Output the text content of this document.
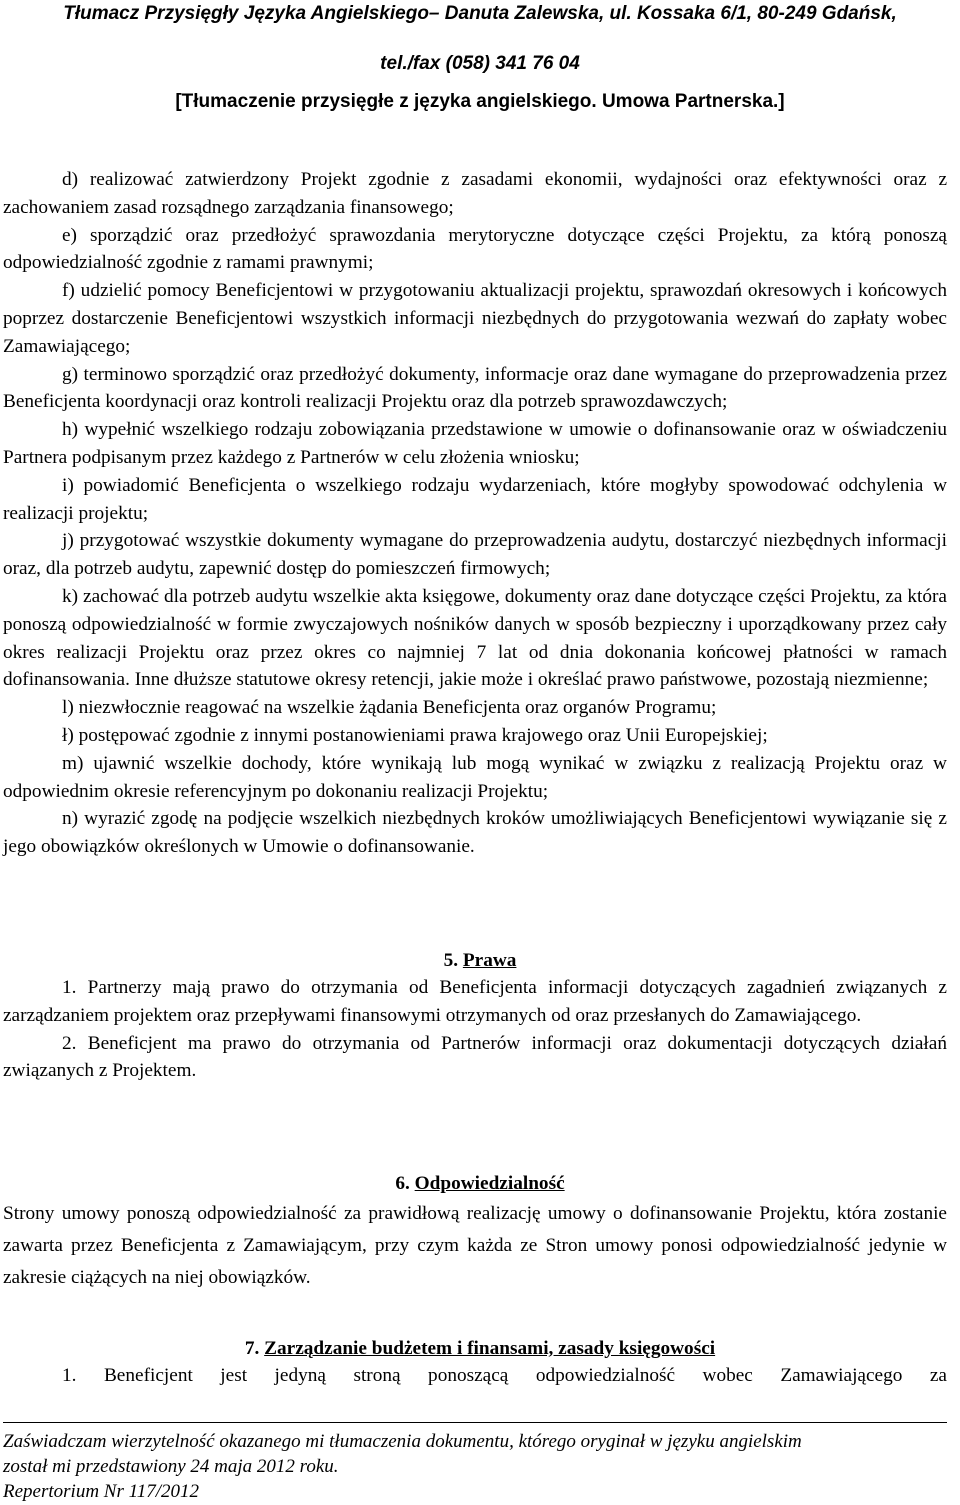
Tłumacz Przysięgły Języka Angielskiego– Danuta Zalewska, ul. Kossaka 6/1, 80-249 Gdańsk,
tel./fax (058) 341 76 04
[Tłumaczenie przysięgłe z języka angielskiego. Umowa Partnerska.]

d) realizować zatwierdzony Projekt zgodnie z zasadami ekonomii, wydajności oraz efektywności oraz z zachowaniem zasad rozsądnego zarządzania finansowego;

e) sporządzić oraz przedłożyć sprawozdania merytoryczne dotyczące części Projektu, za którą ponoszą odpowiedzialność zgodnie z ramami prawnymi;

f) udzielić pomocy Beneficjentowi w przygotowaniu aktualizacji projektu, sprawozdań okresowych i końcowych poprzez dostarczenie Beneficjentowi wszystkich informacji niezbędnych do przygotowania wezwań do zapłaty wobec Zamawiającego;

g) terminowo sporządzić oraz przedłożyć dokumenty, informacje oraz dane wymagane do przeprowadzenia przez Beneficjenta koordynacji oraz kontroli realizacji Projektu oraz dla potrzeb sprawozdawczych;

h) wypełnić wszelkiego rodzaju zobowiązania przedstawione w umowie o dofinansowanie oraz w oświadczeniu Partnera podpisanym przez każdego z Partnerów w celu złożenia wniosku;

i) powiadomić Beneficjenta o wszelkiego rodzaju wydarzeniach, które mogłyby spowodować odchylenia w realizacji projektu;

j) przygotować wszystkie dokumenty wymagane do przeprowadzenia audytu, dostarczyć niezbędnych informacji oraz, dla potrzeb audytu, zapewnić dostęp do pomieszczeń firmowych;

k) zachować dla potrzeb audytu wszelkie akta księgowe, dokumenty oraz dane dotyczące części Projektu, za która ponoszą odpowiedzialność w formie zwyczajowych nośników danych w sposób bezpieczny i uporządkowany przez cały okres realizacji Projektu oraz przez okres co najmniej 7 lat od dnia dokonania końcowej płatności w ramach dofinansowania. Inne dłuższe statutowe okresy retencji, jakie może i określać prawo państwowe, pozostają niezmienne;

l) niezwłocznie reagować na wszelkie żądania Beneficjenta oraz organów Programu;

ł) postępować zgodnie z innymi postanowieniami prawa krajowego oraz Unii Europejskiej;

m) ujawnić wszelkie dochody, które wynikają lub mogą wynikać w związku z realizacją Projektu oraz w odpowiednim okresie referencyjnym po dokonaniu realizacji Projektu;

n) wyrazić zgodę na podjęcie wszelkich niezbędnych kroków umożliwiających Beneficjentowi wywiązanie się z jego obowiązków określonych w Umowie o dofinansowanie.

5. Prawa

1. Partnerzy mają prawo do otrzymania od Beneficjenta informacji dotyczących zagadnień związanych z zarządzaniem projektem oraz przepływami finansowymi otrzymanych od oraz przesłanych do Zamawiającego.

2. Beneficjent ma prawo do otrzymania od Partnerów informacji oraz dokumentacji dotyczących działań związanych z Projektem.

6. Odpowiedzialność

Strony umowy ponoszą odpowiedzialność za prawidłową realizację umowy o dofinansowanie Projektu, która zostanie zawarta przez Beneficjenta z Zamawiającym, przy czym każda ze Stron umowy ponosi odpowiedzialność jedynie w zakresie ciążących na niej obowiązków.

7. Zarządzanie budżetem i finansami, zasady księgowości

1. Beneficjent jest jedyną stroną ponoszącą odpowiedzialność wobec Zamawiającego za

Zaświadczam wierzytelność okazanego mi tłumaczenia dokumentu, którego oryginał w języku angielskim
został mi przedstawiony 24 maja 2012 roku.
Repertorium Nr 117/2012
